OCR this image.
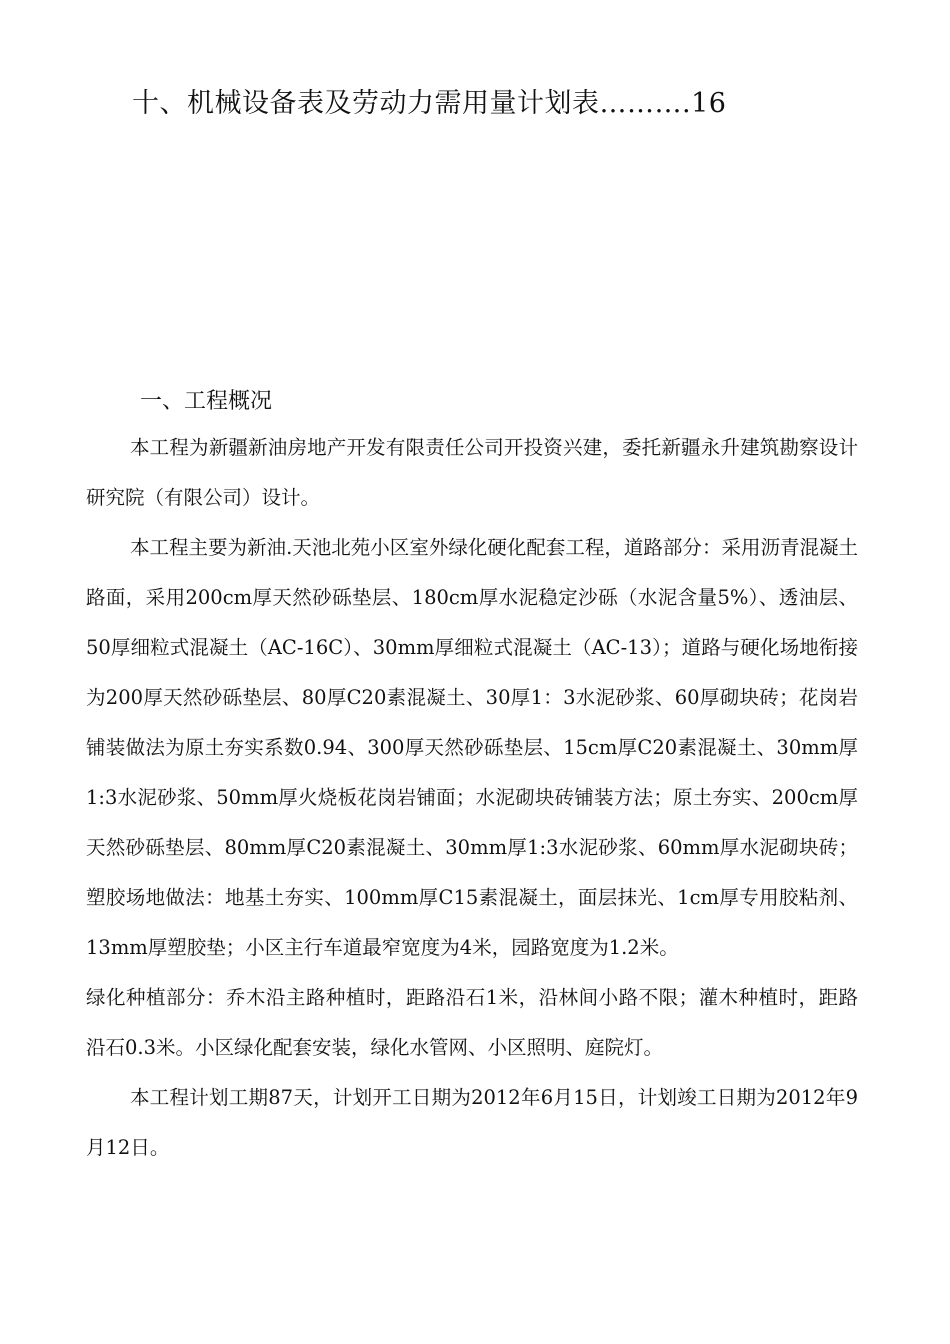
十、机械设备表及劳动力需用量计划表……….16
一、工程概况

本工程为新疆新油房地产开发有限责任公司开投资兴建，委托新疆永升建筑勘察设计研究院（有限公司）设计。

本工程主要为新油.天池北苑小区室外绿化硬化配套工程，道路部分：采用沥青混凝土路面，采用200cm厚天然砂砾垫层、180cm厚水泥稳定沙砾（水泥含量5%）、透油层、50厚细粒式混凝土（AC-16C）、30mm厚细粒式混凝土（AC-13）；道路与硬化场地衔接为200厚天然砂砾垫层、80厚C20素混凝土、30厚1：3水泥砂浆、60厚砌块砖；花岗岩铺装做法为原土夯实系数0.94、300厚天然砂砾垫层、15cm厚C20素混凝土、30mm厚1:3水泥砂浆、50mm厚火烧板花岗岩铺面；水泥砌块砖铺装方法；原土夯实、200cm厚天然砂砾垫层、80mm厚C20素混凝土、30mm厚1:3水泥砂浆、60mm厚水泥砌块砖；塑胶场地做法：地基土夯实、100mm厚C15素混凝土，面层抹光、1cm厚专用胶粘剂、13mm厚塑胶垫；小区主行车道最窄宽度为4米，园路宽度为1.2米。

绿化种植部分：乔木沿主路种植时，距路沿石1米，沿林间小路不限；灌木种植时，距路沿石0.3米。小区绿化配套安装，绿化水管网、小区照明、庭院灯。

本工程计划工期87天，计划开工日期为2012年6月15日，计划竣工日期为2012年9月12日。
